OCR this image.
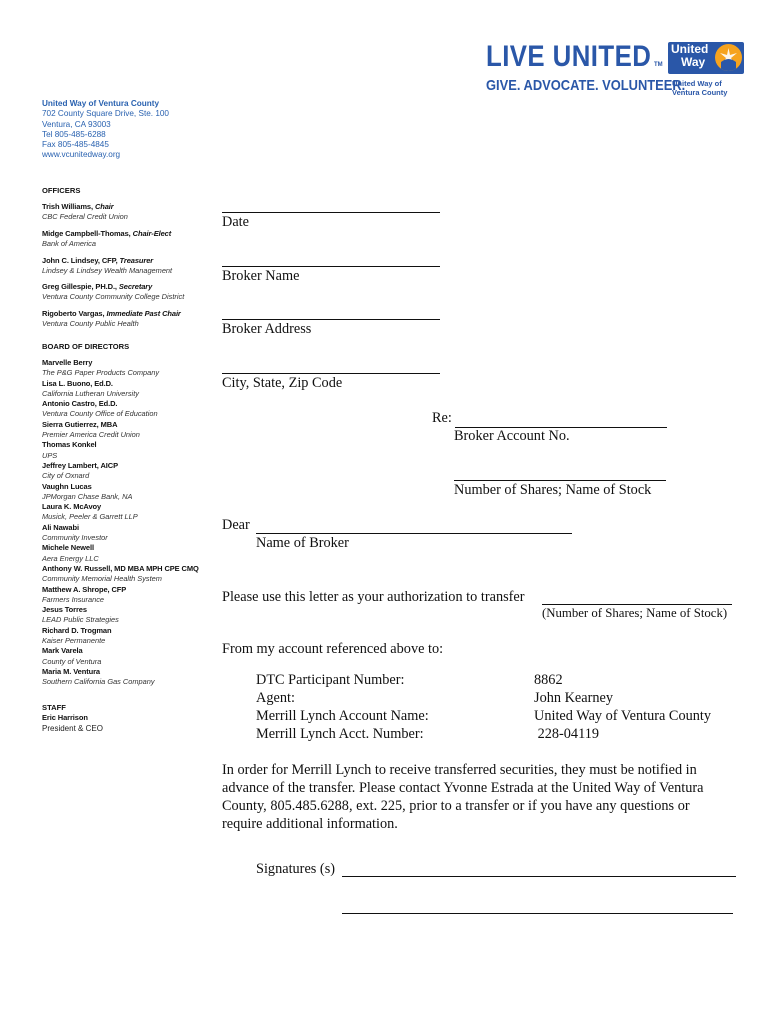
LIVE UNITED TM
GIVE. ADVOCATE. VOLUNTEER.
United
Way
United Way of
Ventura County
United Way of Ventura County
702 County Square Drive, Ste. 100
Ventura, CA 93003
Tel 805-485-6288
Fax 805-485-4845
www.vcunitedway.org
OFFICERS
Trish Williams, Chair
CBC Federal Credit Union
Midge Campbell-Thomas, Chair-Elect
Bank of America
John C. Lindsey, CFP, Treasurer
Lindsey & Lindsey Wealth Management
Greg Gillespie, PH.D., Secretary
Ventura County Community College District
Rigoberto Vargas, Immediate Past Chair
Ventura County Public Health
BOARD OF DIRECTORS
Marvelle Berry
The P&G Paper Products Company
Lisa L. Buono, Ed.D.
California Lutheran University
Antonio Castro, Ed.D.
Ventura County Office of Education
Sierra Gutierrez, MBA
Premier America Credit Union
Thomas Konkel
UPS
Jeffrey Lambert, AICP
City of Oxnard
Vaughn Lucas
JPMorgan Chase Bank, NA
Laura K. McAvoy
Musick, Peeler & Garrett LLP
Ali Nawabi
Community Investor
Michele Newell
Aera Energy LLC
Anthony W. Russell, MD MBA MPH CPE CMQ
Community Memorial Health System
Matthew A. Shrope, CFP
Farmers Insurance
Jesus Torres
LEAD Public Strategies
Richard D. Trogman
Kaiser Permanente
Mark Varela
County of Ventura
Maria M. Ventura
Southern California Gas Company
STAFF
Eric Harrison
President & CEO
Date
Broker Name
Broker Address
City, State, Zip Code
Re:
Broker Account No.
Number of Shares; Name of Stock
Dear
Name of Broker
Please use this letter as your authorization to transfer
(Number of Shares; Name of Stock)
From my account referenced above to:
DTC Participant Number:	8862
Agent:	John Kearney
Merrill Lynch Account Name:	United Way of Ventura County
Merrill Lynch Acct. Number:	228-04119
In order for Merrill Lynch to receive transferred securities, they must be notified in
advance of the transfer. Please contact Yvonne Estrada at the United Way of Ventura
County, 805.485.6288, ext. 225, prior to a transfer or if you have any questions or
require additional information.
Signatures (s)
